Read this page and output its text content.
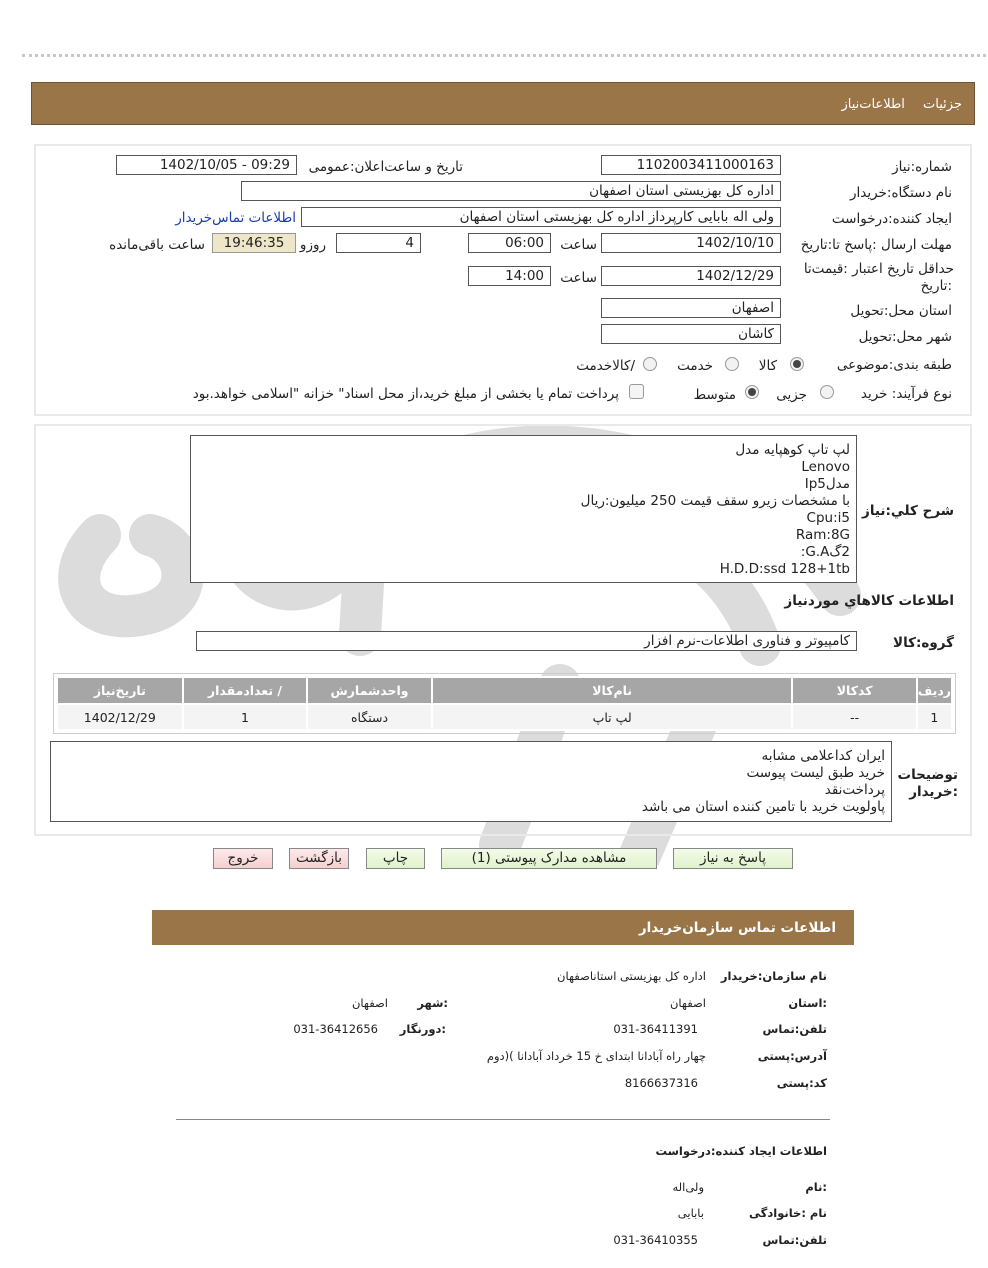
جزئیات اطلاعات‌نیاز
شماره:نیاز
1102003411000163
تاریخ و ساعت‌اعلان:عمومی
1402/10/05 - 09:29
نام دستگاه:خریدار
اداره کل بهزیستی استان اصفهان
ایجاد کننده:درخواست
ولی اله بابایی کارپرداز اداره کل بهزیستی استان اصفهان
اطلاعات تماس‌خریدار
مهلت ارسال :پاسخ تا:تاریخ
1402/10/10
ساعت
06:00
4
روزو
19:46:35
ساعت باقی‌مانده
حداقل تاریخ اعتبار :قیمت‌تا
:تاریخ
1402/12/29
ساعت
14:00
استان محل:تحویل
اصفهان
شهر محل:تحویل
کاشان
طبقه بندی:موضوعی
کالا
خدمت
/کالاخدمت
نوع فرآیند: خرید
جزیی
متوسط
پرداخت تمام یا بخشی از مبلغ خرید،از محل اسناد" خزانه "اسلامی خواهد.بود
شرح کلي:نياز
لپ تاپ کوهپایه مدل
Lenovo
مدلIp5
با مشخصات زیرو سقف قیمت 250 میلیون:ریال
Cpu:i5
Ram:8G
2گG.A:
H.D.D:ssd 128+1tb
اطلاعات کالاهاي مورد‌نياز
گروه:کالا
کامپیوتر و فناوری اطلاعات-نرم افزار
ردیف	کدکالا	نام‌کالا	واحدشمارش	/ تعدادمقدار	تاریخ‌نیاز
1	--	لپ تاپ	دستگاه	1	1402/12/29
توضیحات
:خریدار
ایران کداعلامی مشابه
خرید طبق لیست پیوست
پرداخت‌نقد
پاولویت خرید با تامین کننده استان می باشد
پاسخ به نیاز
مشاهده مدارک پیوستی (1)
چاپ
بازگشت
خروج
اطلاعات تماس سازمان‌خریدار
نام سازمان:خریدار
اداره کل بهزیستی استاناصفهان
:استان
اصفهان
:شهر
اصفهان
تلفن:تماس
031-36411391
:دورنگار
031-36412656
آدرس:پستی
چهار راه آبادانا ابتدای خ 15 خرداد آبادانا )(دوم
کد:پستی
8166637316
اطلاعات ایجاد کننده:درخواست
:نام
ولی‌اله
نام :خانوادگی
بابایی
تلفن:تماس
031-36410355
